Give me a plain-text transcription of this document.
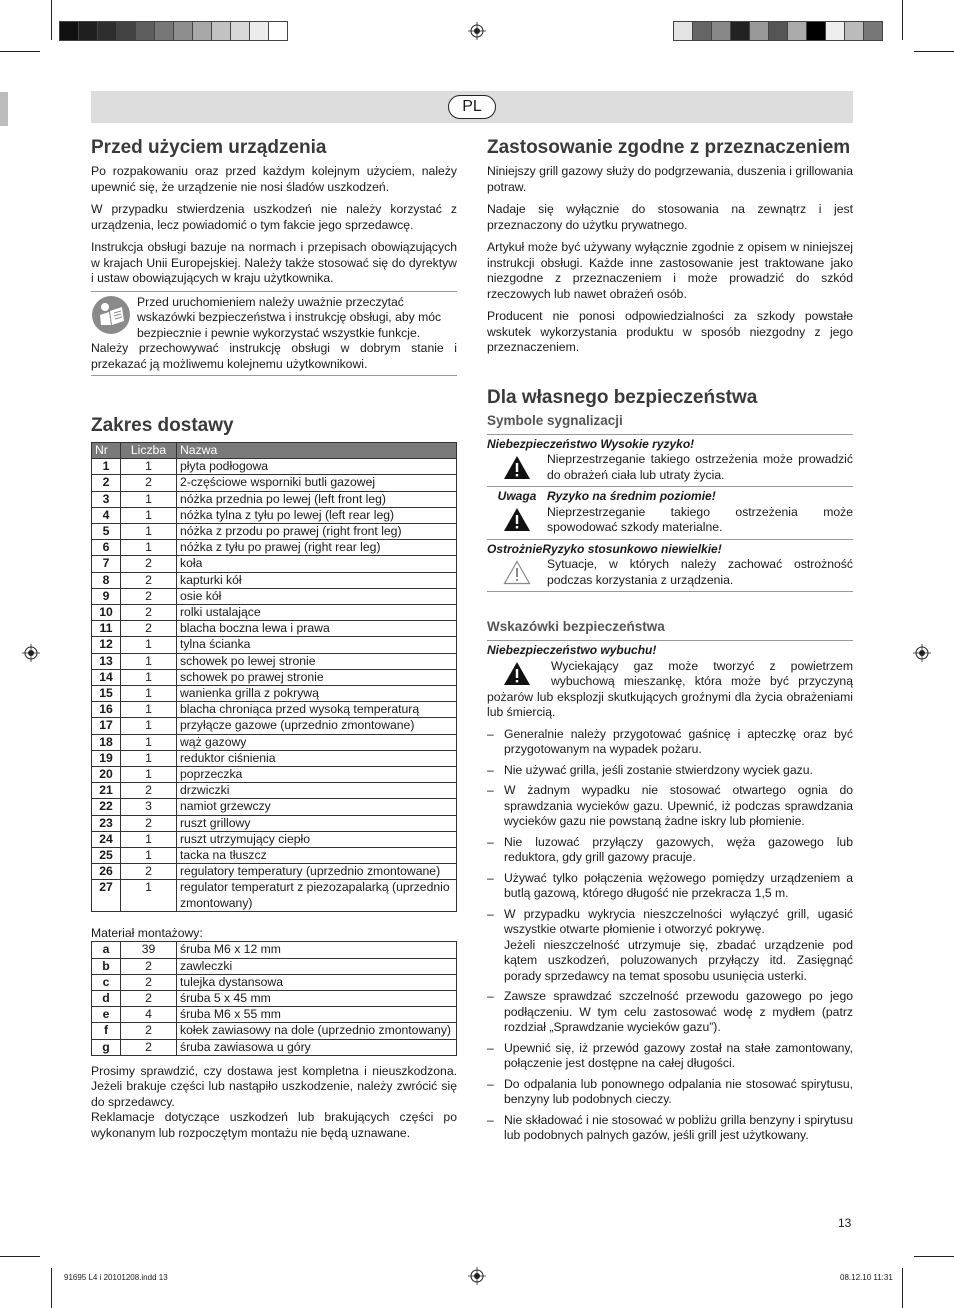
PL
Przed użyciem urządzenia

Po rozpakowaniu oraz przed każdym kolejnym użyciem, należy upewnić się, że urządzenie nie nosi śladów uszkodzeń.

W przypadku stwierdzenia uszkodzeń nie należy korzystać z urządzenia, lecz powiadomić o tym fakcie jego sprzedawcę.

Instrukcja obsługi bazuje na normach i przepisach obowiązujących w krajach Unii Europejskiej. Należy także stosować się do dyrektyw i ustaw obowiązujących w kraju użytkownika.

Przed uruchomieniem należy uważnie przeczytać wskazówki bezpieczeństwa i instrukcję obsługi, aby móc bezpiecznie i pewnie wykorzystać wszystkie funkcje.

Należy przechowywać instrukcję obsługi w dobrym stanie i przekazać ją możliwemu kolejnemu użytkownikowi.

Zakres dostawy
Nr	Liczba	Nazwa
1	1	płyta podłogowa
2	2	2-częściowe wsporniki butli gazowej
3	1	nóżka przednia po lewej (left front leg)
4	1	nóżka tylna z tyłu po lewej (left rear leg)
5	1	nóżka z przodu po prawej (right front leg)
6	1	nóżka z tyłu po prawej (right rear leg)
7	2	koła
8	2	kapturki kół
9	2	osie kół
10	2	rolki ustalające
11	2	blacha boczna lewa i prawa
12	1	tylna ścianka
13	1	schowek po lewej stronie
14	1	schowek po prawej stronie
15	1	wanienka grilla z pokrywą
16	1	blacha chroniąca przed wysoką temperaturą
17	1	przyłącze gazowe (uprzednio zmontowane)
18	1	wąż gazowy
19	1	reduktor ciśnienia
20	1	poprzeczka
21	2	drzwiczki
22	3	namiot grzewczy
23	2	ruszt grillowy
24	1	ruszt utrzymujący ciepło
25	1	tacka na tłuszcz
26	2	regulatory temperatury (uprzednio zmontowane)
27	1	regulator temperaturt z piezozapalarką (uprzednio zmontowany)

Materiał montażowy:

a	39	śruba M6 x 12 mm
b	2	zawleczki
c	2	tulejka dystansowa
d	2	śruba 5 x 45 mm
e	4	śruba M6 x 55 mm
f	2	kołek zawiasowy na dole (uprzednio zmontowany)
g	2	śruba zawiasowa u góry

Prosimy sprawdzić, czy dostawa jest kompletna i nieuszkodzona. Jeżeli brakuje części lub nastąpiło uszkodzenie, należy zwrócić się do sprzedawcy.

Reklamacje dotyczące uszkodzeń lub brakujących części po wykonanym lub rozpoczętym montażu nie będą uznawane.

Zastosowanie zgodne z przeznaczeniem

Niniejszy grill gazowy służy do podgrzewania, duszenia i grillowania potraw.

Nadaje się wyłącznie do stosowania na zewnątrz i jest przeznaczony do użytku prywatnego.

Artykuł może być używany wyłącznie zgodnie z opisem w niniejszej instrukcji obsługi. Każde inne zastosowanie jest traktowane jako niezgodne z przeznaczeniem i może prowadzić do szkód rzeczowych lub nawet obrażeń osób.

Producent nie ponosi odpowiedzialności za szkody powstałe wskutek wykorzystania produktu w sposób niezgodny z jego przeznaczeniem.

Dla własnego bezpieczeństwa
Symbole sygnalizacji
Niebezpieczeństwo Wysokie ryzyko!
Nieprzestrzeganie takiego ostrzeżenia może prowadzić do obrażeń ciała lub utraty życia.
Uwaga Ryzyko na średnim poziomie!
Nieprzestrzeganie takiego ostrzeżenia może spowodować szkody materialne.
OstrożnieRyzyko stosunkowo niewielkie!
Sytuacje, w których należy zachować ostrożność podczas korzystania z urządzenia.
Wskazówki bezpieczeństwa
Niebezpieczeństwo wybuchu!

Wyciekający gaz może tworzyć z powietrzem wybuchową mieszankę, która może być przyczyną pożarów lub eksplozji skutkujących groźnymi dla życia obrażeniami lub śmiercią.

– Generalnie należy przygotować gaśnicę i apteczkę oraz być przygotowanym na wypadek pożaru.
– Nie używać grilla, jeśli zostanie stwierdzony wyciek gazu.
– W żadnym wypadku nie stosować otwartego ognia do sprawdzania wycieków gazu. Upewnić, iż podczas sprawdzania wycieków gazu nie powstaną żadne iskry lub płomienie.
– Nie luzować przyłączy gazowych, węża gazowego lub reduktora, gdy grill gazowy pracuje.
– Używać tylko połączenia wężowego pomiędzy urządzeniem a butlą gazową, którego długość nie przekracza 1,5 m.
– W przypadku wykrycia nieszczelności wyłączyć grill, ugasić wszystkie otwarte płomienie i otworzyć pokrywę.
Jeżeli nieszczelność utrzymuje się, zbadać urządzenie pod kątem uszkodzeń, poluzowanych przyłączy itd. Zasięgnąć porady sprzedawcy na temat sposobu usunięcia usterki.
– Zawsze sprawdzać szczelność przewodu gazowego po jego podłączeniu. W tym celu zastosować wodę z mydłem (patrz rozdział „Sprawdzanie wycieków gazu”).
– Upewnić się, iż przewód gazowy został na stałe zamontowany, połączenie jest dostępne na całej długości.
– Do odpalania lub ponownego odpalania nie stosować spirytusu, benzyny lub podobnych cieczy.
– Nie składować i nie stosować w pobliżu grilla benzyny i spirytusu lub podobnych palnych gazów, jeśli grill jest użytkowany.
13
91695 L4 i 20101208.indd 13	08.12.10 11:31
